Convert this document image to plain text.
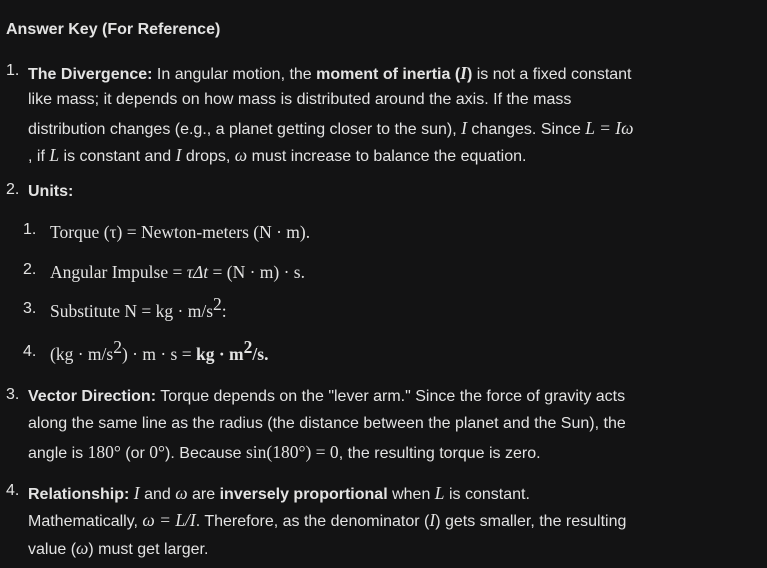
Answer Key (For Reference)
1. The Divergence: In angular motion, the moment of inertia (I) is not a fixed constant
like mass; it depends on how mass is distributed around the axis. If the mass
distribution changes (e.g., a planet getting closer to the sun), I changes. Since L = Iω
, if L is constant and I drops, ω must increase to balance the equation.
2. Units:
1. Torque (τ) = Newton-meters (N · m).
2. Angular Impulse = τΔt = (N · m) · s.
3. Substitute N = kg · $m/s^2$:
4. $(kg \cdot m/s^2) \cdot m \cdot s$ = kg · $m^2/s$.
3. Vector Direction: Torque depends on the "lever arm." Since the force of gravity acts
along the same line as the radius (the distance between the planet and the Sun), the
angle is 180° (or 0°). Because sin(180°) = 0, the resulting torque is zero.
4. Relationship: I and ω are inversely proportional when L is constant.
Mathematically, ω = L/I. Therefore, as the denominator (I) gets smaller, the resulting
value (ω) must get larger.
